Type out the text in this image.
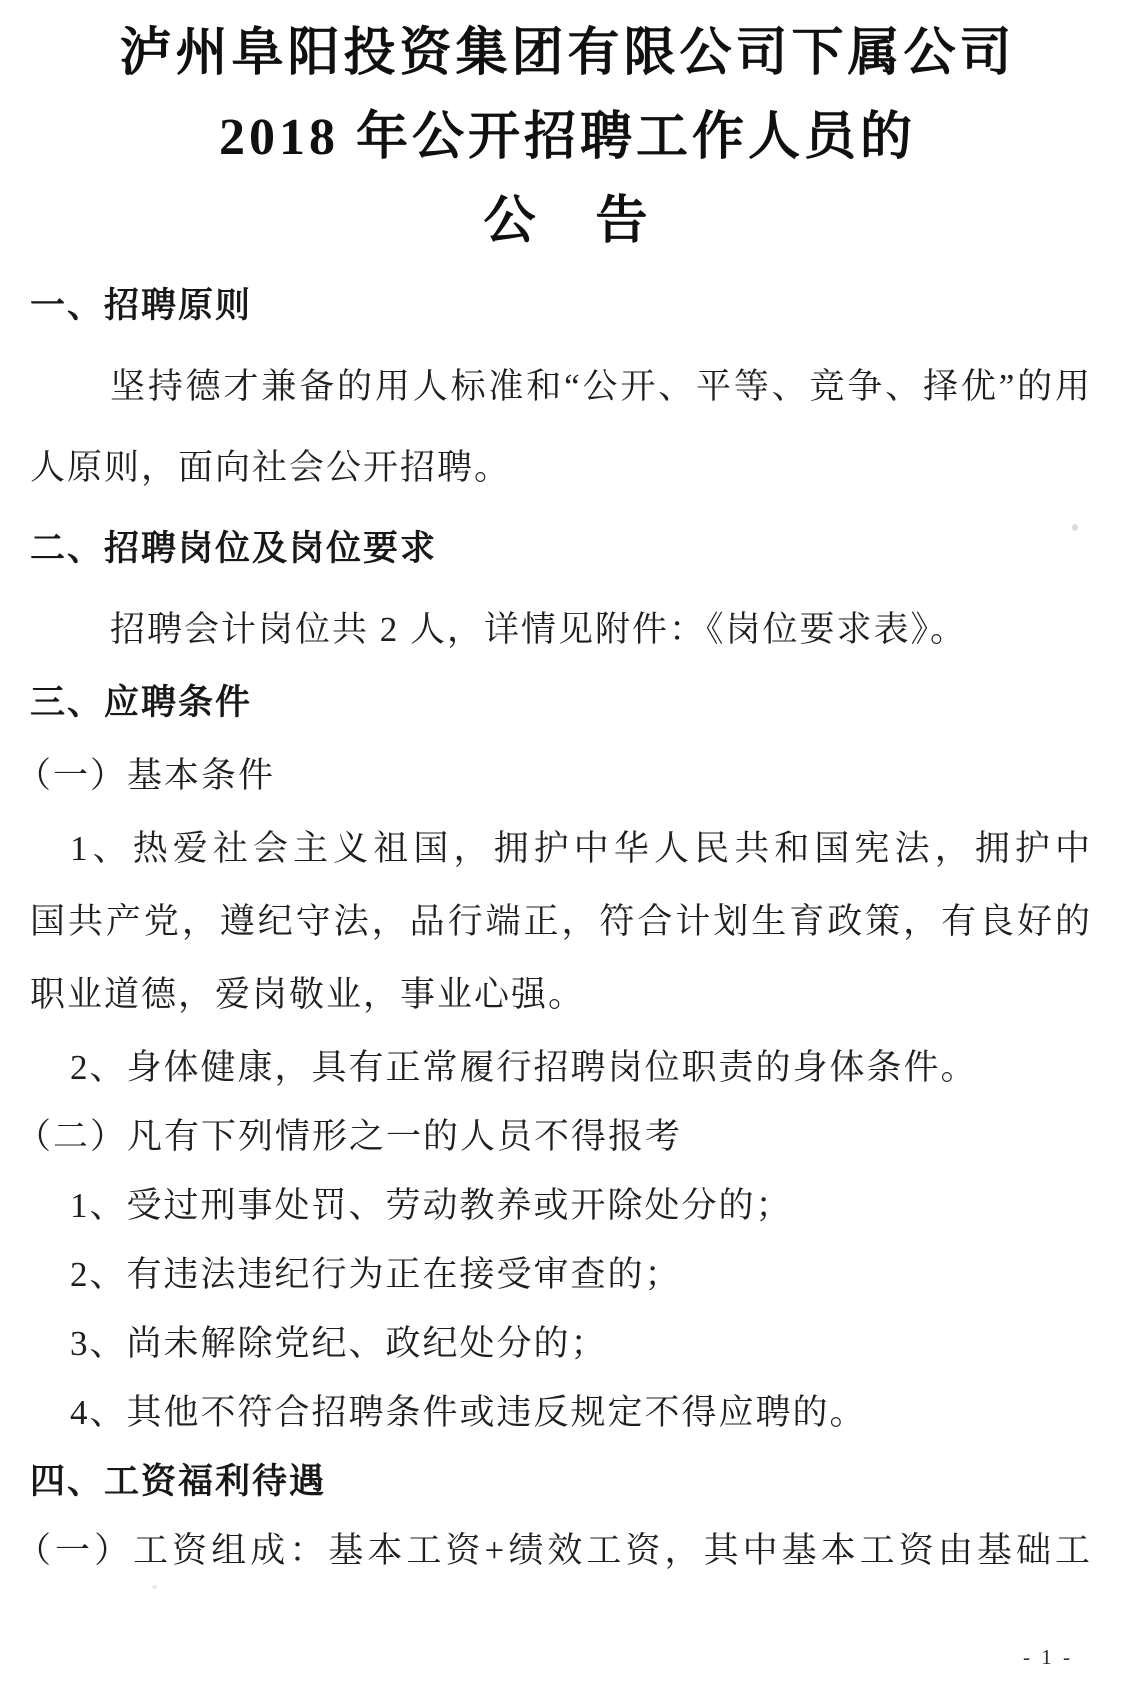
泸州阜阳投资集团有限公司下属公司
2018 年公开招聘工作人员的
公　告
一、招聘原则
坚持德才兼备的用人标准和“公开、平等、竞争、择优”的用
人原则，面向社会公开招聘。
二、招聘岗位及岗位要求
招聘会计岗位共 2 人，详情见附件：《岗位要求表》。
三、应聘条件
（一）基本条件
1、热爱社会主义祖国，拥护中华人民共和国宪法，拥护中
国共产党，遵纪守法，品行端正，符合计划生育政策，有良好的
职业道德，爱岗敬业，事业心强。
2、身体健康，具有正常履行招聘岗位职责的身体条件。
（二）凡有下列情形之一的人员不得报考
1、受过刑事处罚、劳动教养或开除处分的；
2、有违法违纪行为正在接受审查的；
3、尚未解除党纪、政纪处分的；
4、其他不符合招聘条件或违反规定不得应聘的。
四、工资福利待遇
（一）工资组成：基本工资+绩效工资，其中基本工资由基础工
- 1 -
